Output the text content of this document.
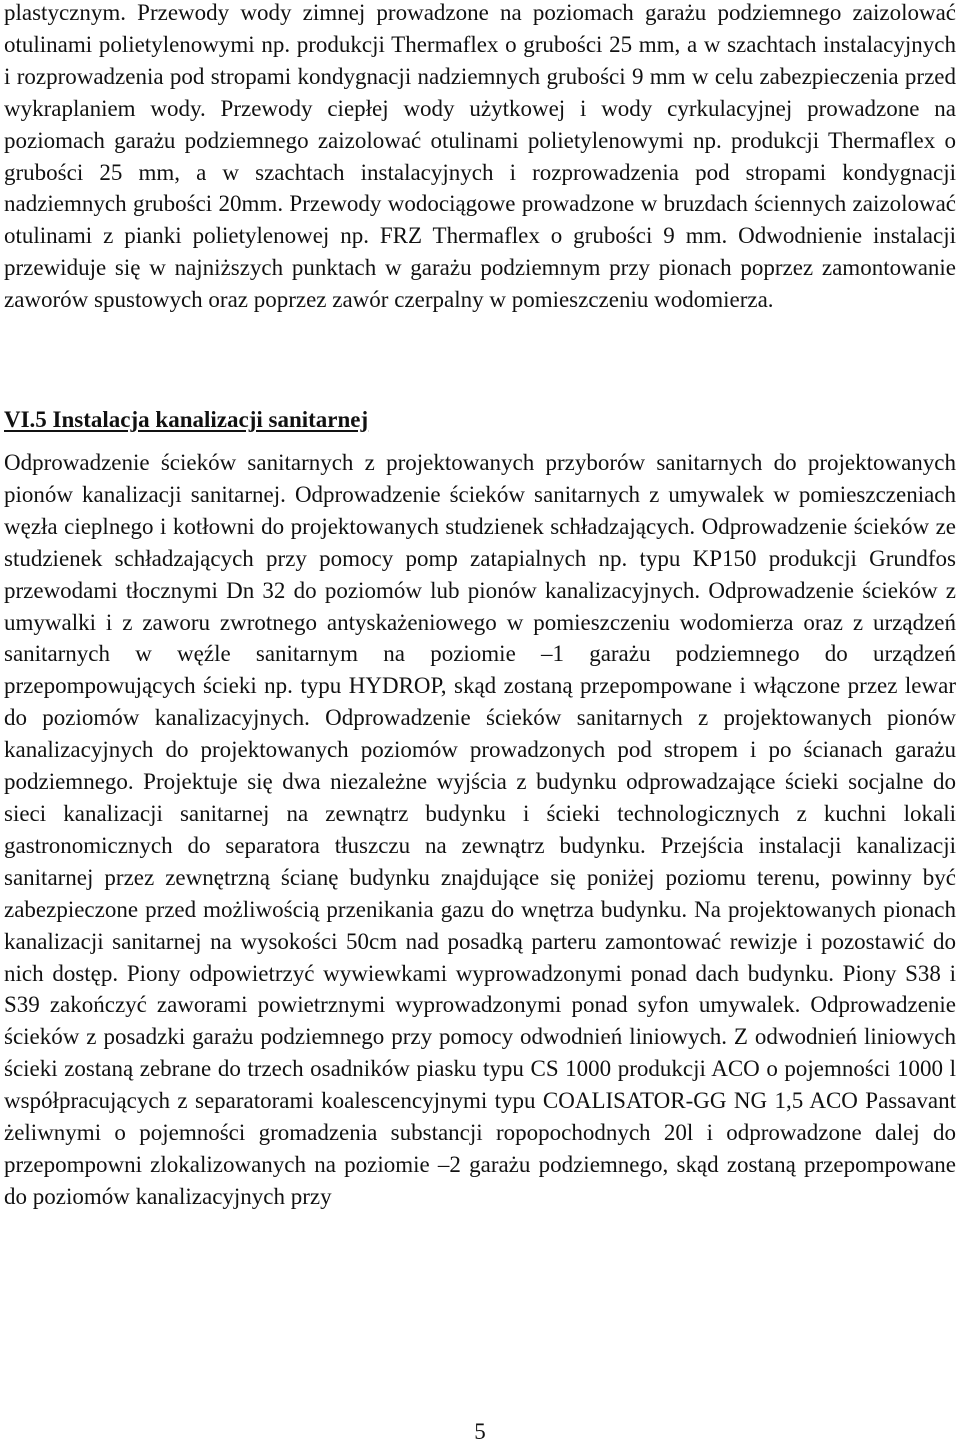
plastycznym. Przewody wody zimnej prowadzone na poziomach garażu podziemnego zaizolować otulinami polietylenowymi np. produkcji Thermaflex o grubości 25 mm, a w szachtach instalacyjnych i rozprowadzenia pod stropami kondygnacji nadziemnych grubości 9 mm w celu zabezpieczenia przed wykraplaniem wody. Przewody ciepłej wody użytkowej i wody cyrkulacyjnej prowadzone na poziomach garażu podziemnego zaizolować otulinami polietylenowymi np. produkcji Thermaflex o grubości 25 mm, a w szachtach instalacyjnych i rozprowadzenia pod stropami kondygnacji nadziemnych grubości 20mm. Przewody wodociągowe prowadzone w bruzdach ściennych zaizolować otulinami z pianki polietylenowej np. FRZ Thermaflex o grubości 9 mm. Odwodnienie instalacji przewiduje się w najniższych punktach w garażu podziemnym przy pionach poprzez zamontowanie zaworów spustowych oraz poprzez zawór czerpalny w pomieszczeniu wodomierza.

VI.5 Instalacja kanalizacji sanitarnej

Odprowadzenie ścieków sanitarnych z projektowanych przyborów sanitarnych do projektowanych pionów kanalizacji sanitarnej. Odprowadzenie ścieków sanitarnych z umywalek w pomieszczeniach węzła cieplnego i kotłowni do projektowanych studzienek schładzających. Odprowadzenie ścieków ze studzienek schładzających przy pomocy pomp zatapialnych np. typu KP150 produkcji Grundfos przewodami tłocznymi Dn 32 do poziomów lub pionów kanalizacyjnych. Odprowadzenie ścieków z umywalki i z zaworu zwrotnego antyskażeniowego w pomieszczeniu wodomierza oraz z urządzeń sanitarnych w węźle sanitarnym na poziomie –1 garażu podziemnego do urządzeń przepompowujących ścieki np. typu HYDROP, skąd zostaną przepompowane i włączone przez lewar do poziomów kanalizacyjnych. Odprowadzenie ścieków sanitarnych z projektowanych pionów kanalizacyjnych do projektowanych poziomów prowadzonych pod stropem i po ścianach garażu podziemnego. Projektuje się dwa niezależne wyjścia z budynku odprowadzające ścieki socjalne do sieci kanalizacji sanitarnej na zewnątrz budynku i ścieki technologicznych z kuchni lokali gastronomicznych do separatora tłuszczu na zewnątrz budynku. Przejścia instalacji kanalizacji sanitarnej przez zewnętrzną ścianę budynku znajdujące się poniżej poziomu terenu, powinny być zabezpieczone przed możliwością przenikania gazu do wnętrza budynku. Na projektowanych pionach kanalizacji sanitarnej na wysokości 50cm nad posadką parteru zamontować rewizje i pozostawić do nich dostęp. Piony odpowietrzyć wywiewkami wyprowadzonymi ponad dach budynku. Piony S38 i S39 zakończyć zaworami powietrznymi wyprowadzonymi ponad syfon umywalek. Odprowadzenie ścieków z posadzki garażu podziemnego przy pomocy odwodnień liniowych. Z odwodnień liniowych ścieki zostaną zebrane do trzech osadników piasku typu CS 1000 produkcji ACO o pojemności 1000 l współpracujących z separatorami koalescencyjnymi typu COALISATOR-GG NG 1,5 ACO Passavant żeliwnymi o pojemności gromadzenia substancji ropopochodnych 20l i odprowadzone dalej do przepompowni zlokalizowanych na poziomie –2 garażu podziemnego, skąd zostaną przepompowane do poziomów kanalizacyjnych przy

5
